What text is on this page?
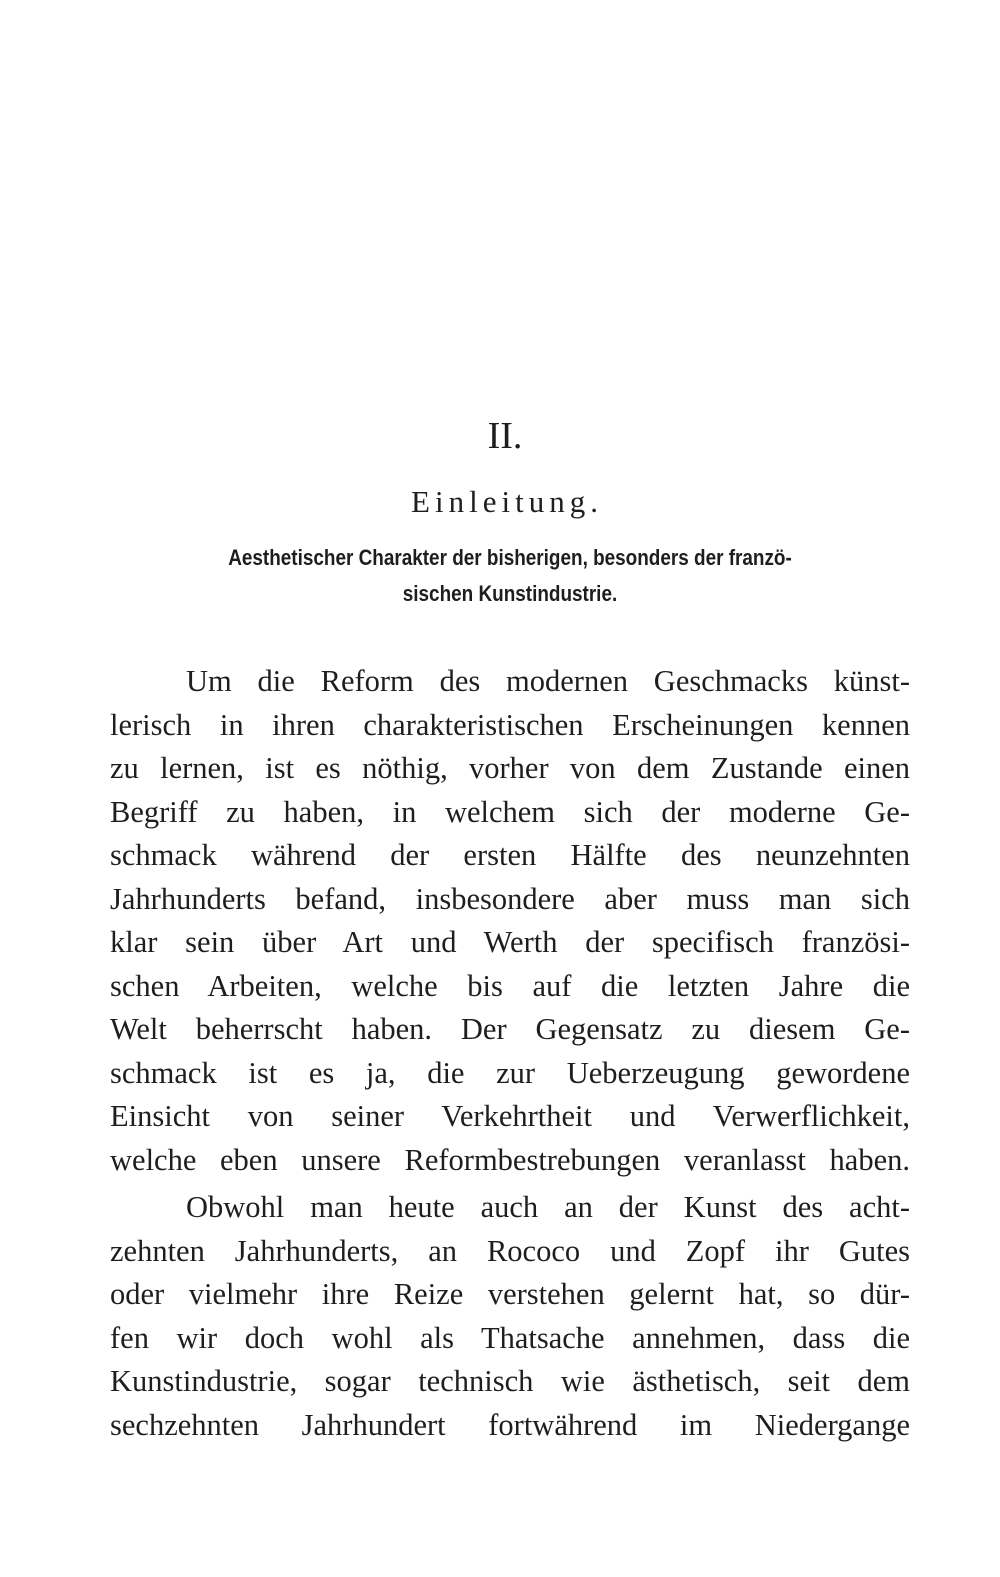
II.
Einleitung.
Aesthetischer Charakter der bisherigen, besonders der franzö-
sischen Kunstindustrie.
Um die Reform des modernen Geschmacks künst-
lerisch in ihren charakteristischen Erscheinungen kennen
zu lernen, ist es nöthig, vorher von dem Zustande einen
Begriff zu haben, in welchem sich der moderne Ge-
schmack während der ersten Hälfte des neunzehnten
Jahrhunderts befand, insbesondere aber muss man sich
klar sein über Art und Werth der specifisch französi-
schen Arbeiten, welche bis auf die letzten Jahre die
Welt beherrscht haben. Der Gegensatz zu diesem Ge-
schmack ist es ja, die zur Ueberzeugung gewordene
Einsicht von seiner Verkehrtheit und Verwerflichkeit,
welche eben unsere Reformbestrebungen veranlasst haben.
Obwohl man heute auch an der Kunst des acht-
zehnten Jahrhunderts, an Rococo und Zopf ihr Gutes
oder vielmehr ihre Reize verstehen gelernt hat, so dür-
fen wir doch wohl als Thatsache annehmen, dass die
Kunstindustrie, sogar technisch wie ästhetisch, seit dem
sechzehnten Jahrhundert fortwährend im Niedergange
